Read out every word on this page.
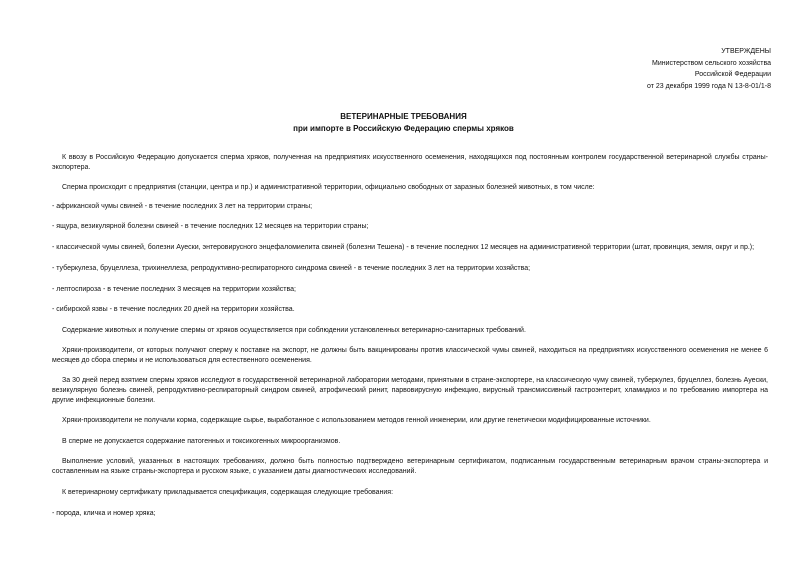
УТВЕРЖДЕНЫ
Министерством сельского хозяйства
Российской Федерации
от 23 декабря 1999 года N 13-8-01/1-8
ВЕТЕРИНАРНЫЕ ТРЕБОВАНИЯ
при импорте в Российскую Федерацию спермы хряков

К ввозу в Российскую Федерацию допускается сперма хряков, полученная на предприятиях искусственного осеменения, находящихся под постоянным контролем государственной ветеринарной службы страны-экспортера.

Сперма происходит с предприятия (станции, центра и пр.) и административной территории, официально свободных от заразных болезней животных, в том числе:

- африканской чумы свиней - в течение последних 3 лет на территории страны;

- ящура, везикулярной болезни свиней - в течение последних 12 месяцев на территории страны;

- классической чумы свиней, болезни Ауески, энтеровирусного энцефаломиелита свиней (болезни Тешена) - в течение последних 12 месяцев на административной территории (штат, провинция, земля, округ и пр.);

- туберкулеза, бруцеллеза, трихинеллеза, репродуктивно-респираторного синдрома свиней - в течение последних 3 лет на территории хозяйства;

- лептоспироза - в течение последних 3 месяцев на территории хозяйства;

- сибирской язвы - в течение последних 20 дней на территории хозяйства.

Содержание животных и получение спермы от хряков осуществляется при соблюдении установленных ветеринарно-санитарных требований.

Хряки-производители, от которых получают сперму к поставке на экспорт, не должны быть вакцинированы против классической чумы свиней, находиться на предприятиях искусственного осеменения не менее 6 месяцев до сбора спермы и не использоваться для естественного осеменения.

За 30 дней перед взятием спермы хряков исследуют в государственной ветеринарной лаборатории методами, принятыми в стране-экспортере, на классическую чуму свиней, туберкулез, бруцеллез, болезнь Ауески, везикулярную болезнь свиней, репродуктивно-респираторный синдром свиней, атрофический ринит, парвовирусную инфекцию, вирусный трансмиссивный гастроэнтерит, хламидиоз и по требованию импортера на другие инфекционные болезни.

Хряки-производители не получали корма, содержащие сырье, выработанное с использованием методов генной инженерии, или другие генетически модифицированные источники.

В сперме не допускается содержание патогенных и токсикогенных микроорганизмов.

Выполнение условий, указанных в настоящих требованиях, должно быть полностью подтверждено ветеринарным сертификатом, подписанным государственным ветеринарным врачом страны-экспортера и составленным на языке страны-экспортера и русском языке, с указанием даты диагностических исследований.

К ветеринарному сертификату прикладывается спецификация, содержащая следующие требования:

- порода, кличка и номер хряка;
